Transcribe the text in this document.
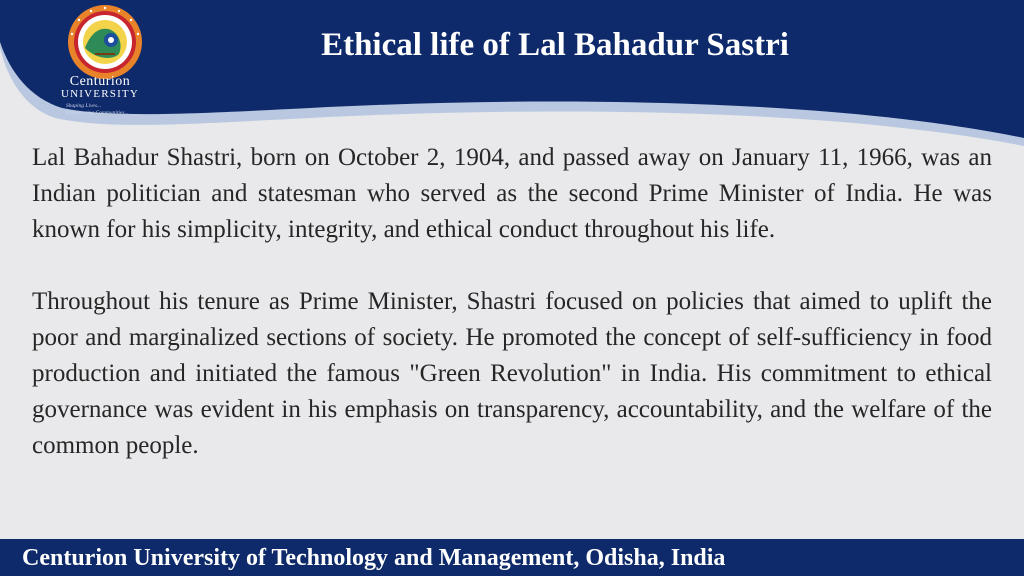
Centurion
UNIVERSITY
Shaping Lives...
Empowering Communities...
Ethical life of Lal Bahadur Sastri

Lal Bahadur Shastri, born on October 2, 1904, and passed away on January 11, 1966, was an Indian politician and statesman who served as the second Prime Minister of India. He was known for his simplicity, integrity, and ethical conduct throughout his life.

Throughout his tenure as Prime Minister, Shastri focused on policies that aimed to uplift the poor and marginalized sections of society. He promoted the concept of self-sufficiency in food production and initiated the famous "Green Revolution" in India. His commitment to ethical governance was evident in his emphasis on transparency, accountability, and the welfare of the common people.

Centurion University of Technology and Management, Odisha, India
